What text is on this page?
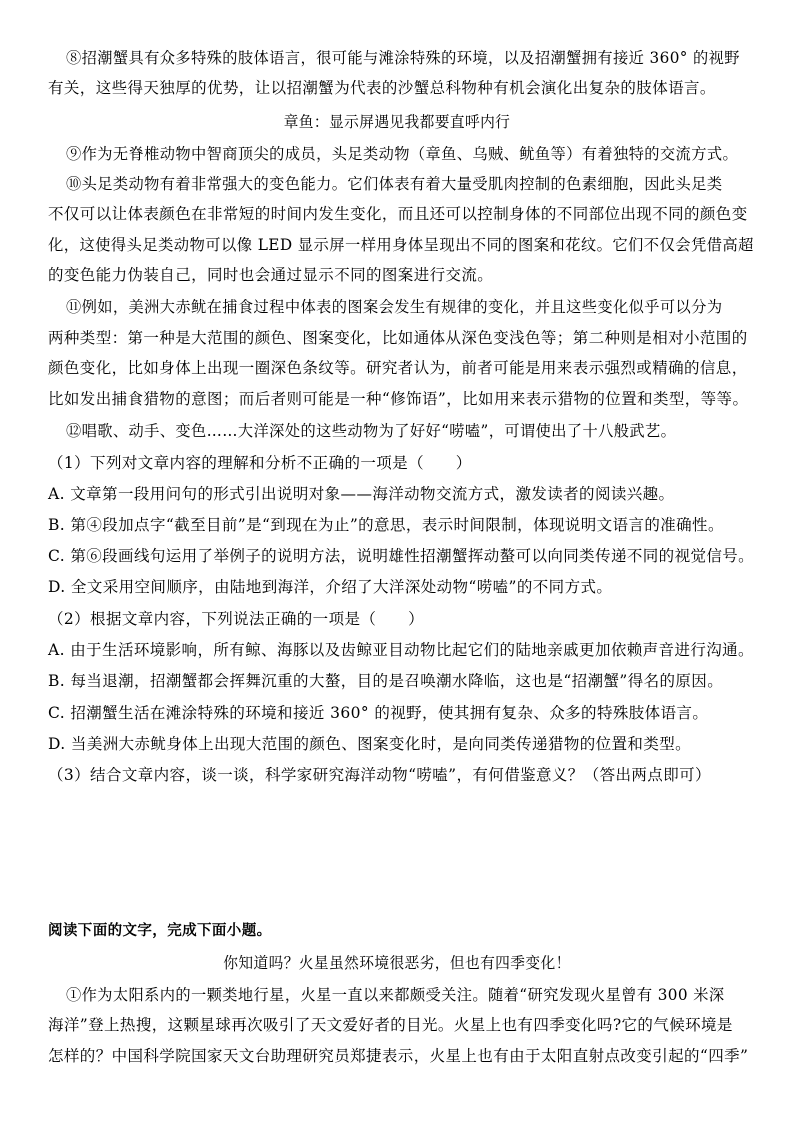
⑧招潮蟹具有众多特殊的肢体语言，很可能与滩涂特殊的环境，以及招潮蟹拥有接近 360° 的视野
有关，这些得天独厚的优势，让以招潮蟹为代表的沙蟹总科物种有机会演化出复杂的肢体语言。
章鱼：显示屏遇见我都要直呼内行
⑨作为无脊椎动物中智商顶尖的成员，头足类动物（章鱼、乌贼、鱿鱼等）有着独特的交流方式。
⑩头足类动物有着非常强大的变色能力。它们体表有着大量受肌肉控制的色素细胞，因此头足类
不仅可以让体表颜色在非常短的时间内发生变化，而且还可以控制身体的不同部位出现不同的颜色变
化，这使得头足类动物可以像 LED 显示屏一样用身体呈现出不同的图案和花纹。它们不仅会凭借高超
的变色能力伪装自己，同时也会通过显示不同的图案进行交流。
⑪例如，美洲大赤鱿在捕食过程中体表的图案会发生有规律的变化，并且这些变化似乎可以分为
两种类型：第一种是大范围的颜色、图案变化，比如通体从深色变浅色等；第二种则是相对小范围的
颜色变化，比如身体上出现一圈深色条纹等。研究者认为，前者可能是用来表示强烈或精确的信息，
比如发出捕食猎物的意图；而后者则可能是一种“修饰语”，比如用来表示猎物的位置和类型，等等。
⑫唱歌、动手、变色……大洋深处的这些动物为了好好“唠嗑”，可谓使出了十八般武艺。
（1）下列对文章内容的理解和分析不正确的一项是（　　）
A. 文章第一段用问句的形式引出说明对象——海洋动物交流方式，激发读者的阅读兴趣。
B. 第④段加点字“截至目前”是“到现在为止”的意思，表示时间限制，体现说明文语言的准确性。
C. 第⑥段画线句运用了举例子的说明方法，说明雄性招潮蟹挥动螯可以向同类传递不同的视觉信号。
D. 全文采用空间顺序，由陆地到海洋，介绍了大洋深处动物“唠嗑”的不同方式。
（2）根据文章内容，下列说法正确的一项是（　　）
A. 由于生活环境影响，所有鲸、海豚以及齿鲸亚目动物比起它们的陆地亲戚更加依赖声音进行沟通。
B. 每当退潮，招潮蟹都会挥舞沉重的大螯，目的是召唤潮水降临，这也是“招潮蟹”得名的原因。
C. 招潮蟹生活在滩涂特殊的环境和接近 360° 的视野，使其拥有复杂、众多的特殊肢体语言。
D. 当美洲大赤鱿身体上出现大范围的颜色、图案变化时，是向同类传递猎物的位置和类型。
（3）结合文章内容，谈一谈，科学家研究海洋动物“唠嗑”，有何借鉴意义？（答出两点即可）
阅读下面的文字，完成下面小题。
你知道吗？火星虽然环境很恶劣，但也有四季变化！
①作为太阳系内的一颗类地行星，火星一直以来都颇受关注。随着“研究发现火星曾有 300 米深
海洋”登上热搜，这颗星球再次吸引了天文爱好者的目光。火星上也有四季变化吗?它的气候环境是
怎样的？中国科学院国家天文台助理研究员郑捷表示，火星上也有由于太阳直射点改变引起的“四季”
